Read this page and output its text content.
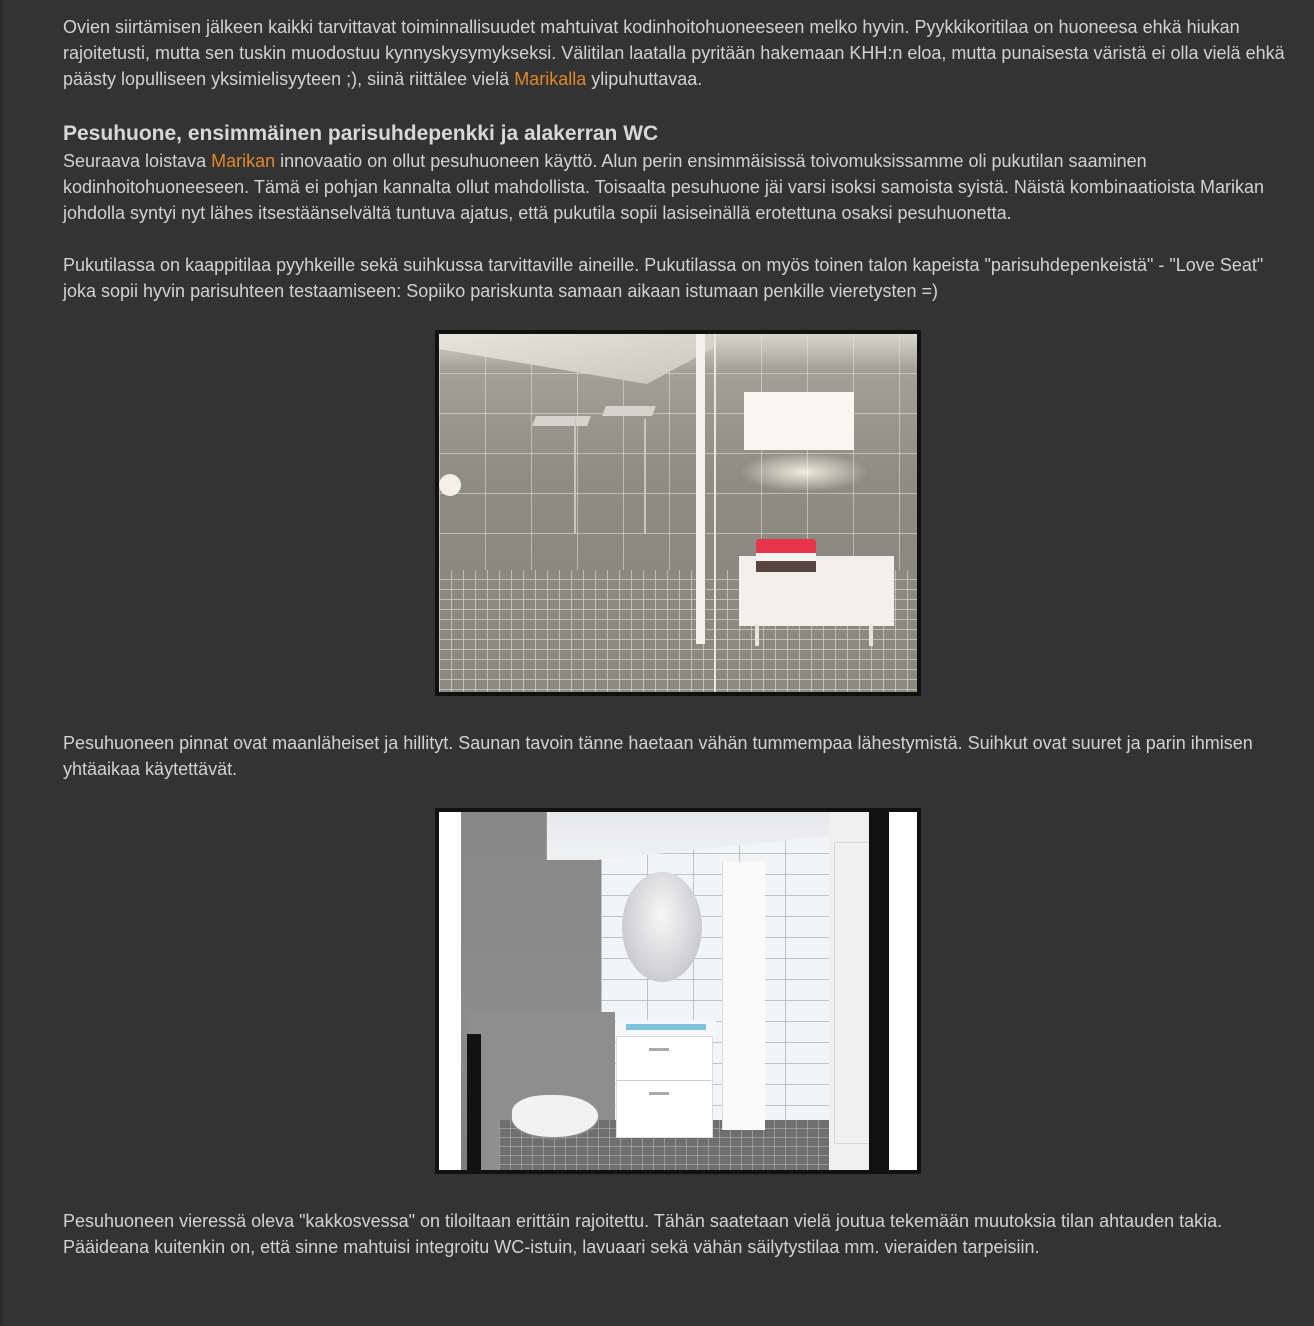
Ovien siirtämisen jälkeen kaikki tarvittavat toiminnallisuudet mahtuivat kodinhoitohuoneeseen melko hyvin. Pyykkikoritilaa on huoneesa ehkä hiukan rajoitetusti, mutta sen tuskin muodostuu kynnyskysymykseksi. Välitilan laatalla pyritään hakemaan KHH:n eloa, mutta punaisesta väristä ei olla vielä ehkä päästy lopulliseen yksimielisyyteen ;), siinä riittälee vielä Marikalla ylipuhuttavaa.

Pesuhuone, ensimmäinen parisuhdepenkki ja alakerran WC

Seuraava loistava Marikan innovaatio on ollut pesuhuoneen käyttö. Alun perin ensimmäisissä toivomuksissamme oli pukutilan saaminen kodinhoitohuoneeseen. Tämä ei pohjan kannalta ollut mahdollista. Toisaalta pesuhuone jäi varsi isoksi samoista syistä. Näistä kombinaatioista Marikan johdolla syntyi nyt lähes itsestäänselvältä tuntuva ajatus, että pukutila sopii lasiseinällä erotettuna osaksi pesuhuonetta.

Pukutilassa on kaappitilaa pyyhkeille sekä suihkussa tarvittaville aineille. Pukutilassa on myös toinen talon kapeista "parisuhdepenkeistä" - "Love Seat" joka sopii hyvin parisuhteen testaamiseen: Sopiiko pariskunta samaan aikaan istumaan penkille vieretysten =)

Pesuhuoneen pinnat ovat maanläheiset ja hillityt. Saunan tavoin tänne haetaan vähän tummempaa lähestymistä. Suihkut ovat suuret ja parin ihmisen yhtäaikaa käytettävät.

Pesuhuoneen vieressä oleva "kakkosvessa" on tiloiltaan erittäin rajoitettu. Tähän saatetaan vielä joutua tekemään muutoksia tilan ahtauden takia. Pääideana kuitenkin on, että sinne mahtuisi integroitu WC-istuin, lavuaari sekä vähän säilytystilaa mm. vieraiden tarpeisiin.
